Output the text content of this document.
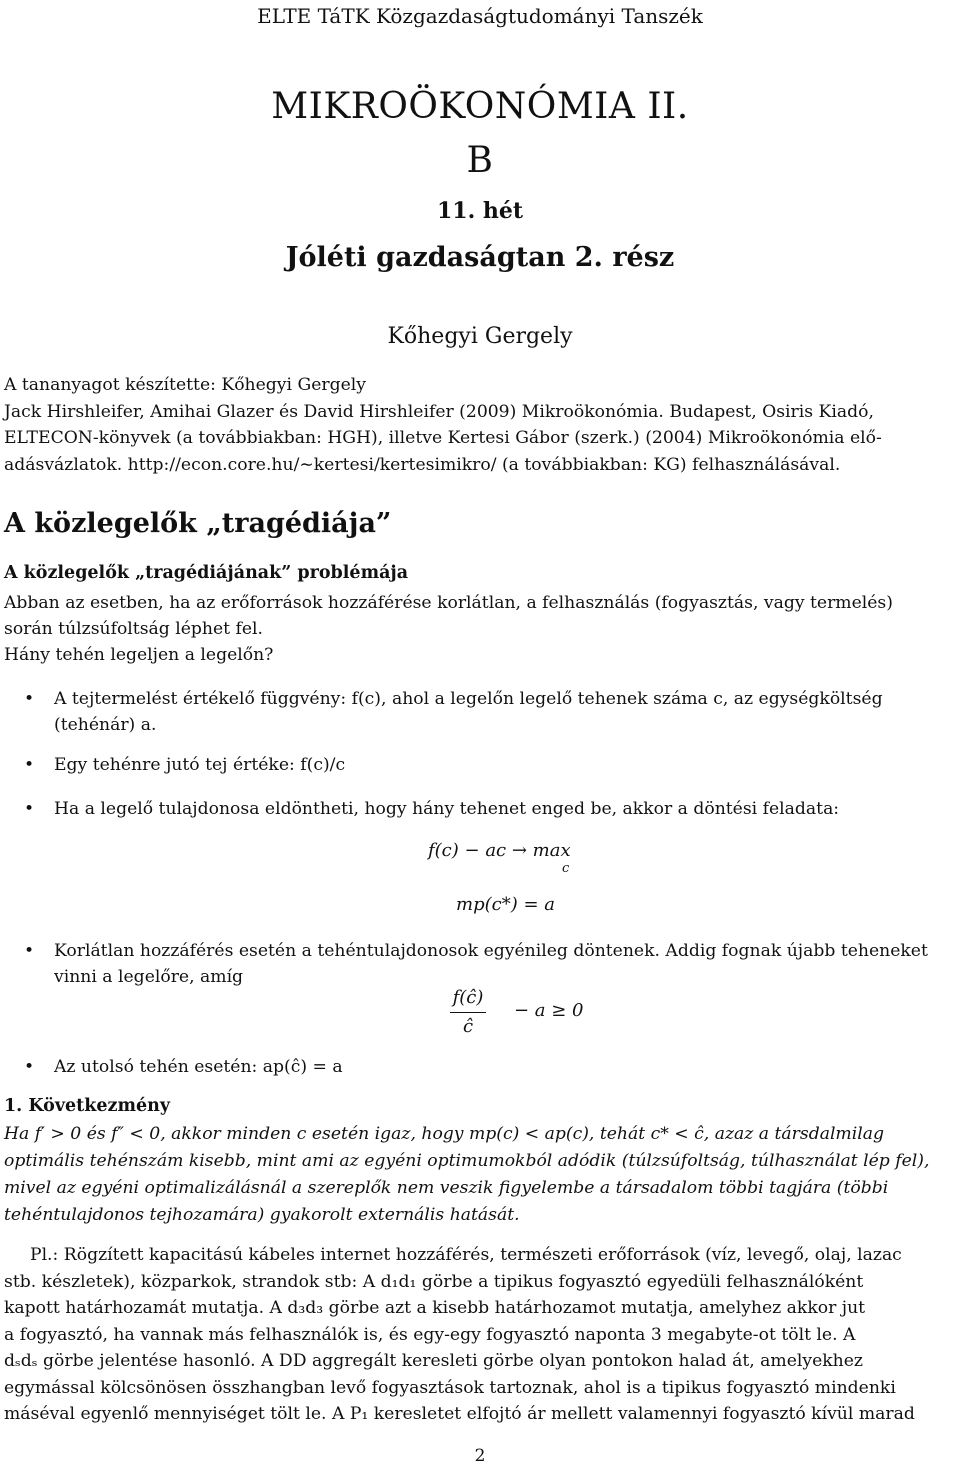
ELTE TáTK Közgazdaságtudományi Tanszék
MIKROÖKONÓMIA II.
B
11. hét
Jóléti gazdaságtan 2. rész
Kőhegyi Gergely
A tananyagot készítette: Kőhegyi Gergely
Jack Hirshleifer, Amihai Glazer és David Hirshleifer (2009) Mikroökonómia. Budapest, Osiris Kiadó,
ELTECON-könyvek (a továbbiakban: HGH), illetve Kertesi Gábor (szerk.) (2004) Mikroökonómia elő-
adásvázlatok. http://econ.core.hu/∼kertesi/kertesimikro/ (a továbbiakban: KG) felhasználásával.
A közlegelők „tragédiája”
A közlegelők „tragédiájának” problémája
Abban az esetben, ha az erőforrások hozzáférése korlátlan, a felhasználás (fogyasztás, vagy termelés)
során túlzsúfoltság léphet fel.
Hány tehén legeljen a legelőn?
• A tejtermelést értékelő függvény: f(c), ahol a legelőn legelő tehenek száma c, az egységköltség
(tehénár) a.
• Egy tehénre jutó tej értéke: f(c)/c
• Ha a legelő tulajdonosa eldöntheti, hogy hány tehenet enged be, akkor a döntési feladata:
f(c) − ac → max
c
mp(c*) = a
• Korlátlan hozzáférés esetén a tehéntulajdonosok egyénileg döntenek. Addig fognak újabb teheneket
vinni a legelőre, amíg
f(ĉ)
ĉ
− a ≥ 0
• Az utolsó tehén esetén: ap(ĉ) = a
1. Következmény
Ha f′ > 0 és f″ < 0, akkor minden c esetén igaz, hogy mp(c) < ap(c), tehát c* < ĉ, azaz a társdalmilag
optimális tehénszám kisebb, mint ami az egyéni optimumokból adódik (túlzsúfoltság, túlhasználat lép fel),
mivel az egyéni optimalizálásnál a szereplők nem veszik figyelembe a társadalom többi tagjára (többi
tehéntulajdonos tejhozamára) gyakorolt externális hatását.
Pl.: Rögzített kapacitású kábeles internet hozzáférés, természeti erőforrások (víz, levegő, olaj, lazac
stb. készletek), közparkok, strandok stb: A d₁d₁ görbe a tipikus fogyasztó egyedüli felhasználóként
kapott határhozamát mutatja. A d₃d₃ görbe azt a kisebb határhozamot mutatja, amelyhez akkor jut
a fogyasztó, ha vannak más felhasználók is, és egy-egy fogyasztó naponta 3 megabyte-ot tölt le. A
dₛdₛ görbe jelentése hasonló. A DD aggregált keresleti görbe olyan pontokon halad át, amelyekhez
egymással kölcsönösen összhangban levő fogyasztások tartoznak, ahol is a tipikus fogyasztó mindenki
máséval egyenlő mennyiséget tölt le. A P₁ keresletet elfojtó ár mellett valamennyi fogyasztó kívül marad
2
